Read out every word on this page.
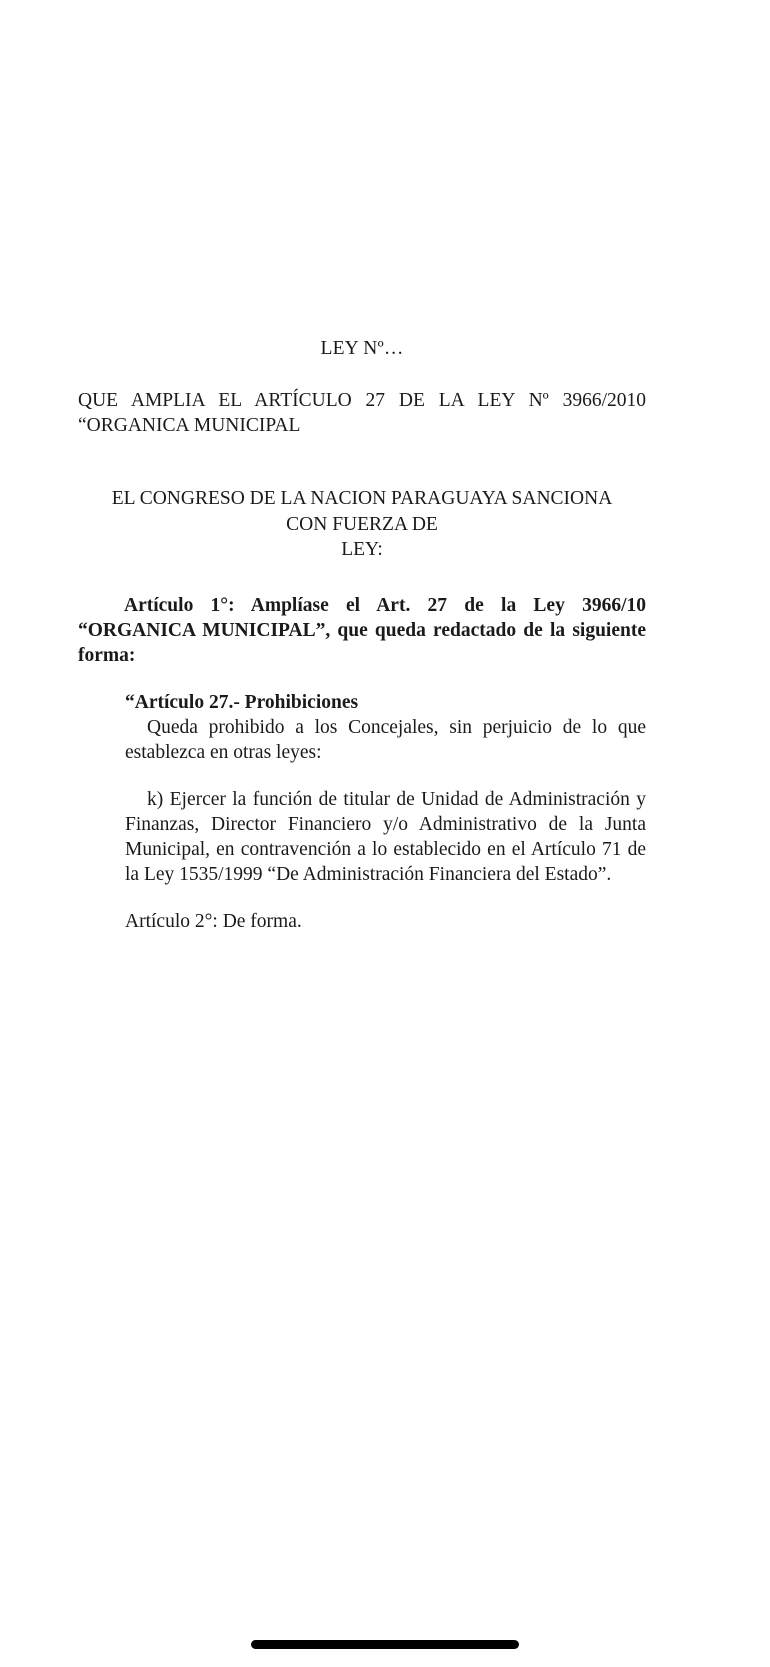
LEY Nº…

QUE AMPLIA EL ARTÍCULO 27 DE LA LEY Nº 3966/2010 “ORGANICA MUNICIPAL

EL CONGRESO DE LA NACION PARAGUAYA SANCIONA

CON FUERZA DE

LEY:

Artículo 1°: Amplíase el Art. 27 de la Ley 3966/10 “ORGANICA MUNICIPAL”, que queda redactado de la siguiente forma:

“Artículo 27.- Prohibiciones

Queda prohibido a los Concejales, sin perjuicio de lo que establezca en otras leyes:

k) Ejercer la función de titular de Unidad de Administración y Finanzas, Director Financiero y/o Administrativo de la Junta Municipal, en contravención a lo establecido en el Artículo 71 de la Ley 1535/1999 “De Administración Financiera del Estado”.

Artículo 2°: De forma.
